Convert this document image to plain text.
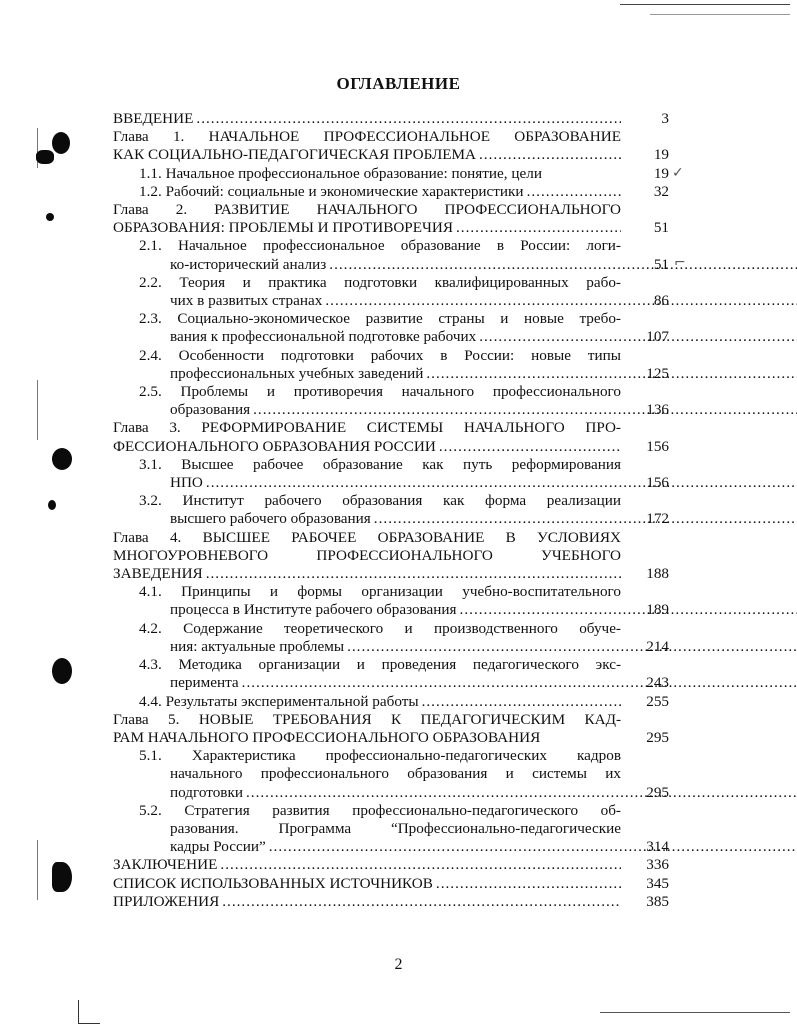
✓
⌐
ОГЛАВЛЕНИЕ
ВВЕДЕНИЕ .....	3
Глава 1. НАЧАЛЬНОЕ ПРОФЕССИОНАЛЬНОЕ ОБРАЗОВАНИЕ
КАК СОЦИАЛЬНО-ПЕДАГОГИЧЕСКАЯ ПРОБЛЕМА .....	19
1.1. Начальное профессиональное образование: понятие, цели	19
1.2. Рабочий: социальные и экономические характеристики .....	32
Глава 2. РАЗВИТИЕ НАЧАЛЬНОГО ПРОФЕССИОНАЛЬНОГО
ОБРАЗОВАНИЯ: ПРОБЛЕМЫ И ПРОТИВОРЕЧИЯ .....	51
2.1. Начальное профессиональное образование в России: логи-
ко-исторический анализ .....	51
2.2. Теория и практика подготовки квалифицированных рабо-
чих в развитых странах .....	86
2.3. Социально-экономическое развитие страны и новые требо-
вания к профессиональной подготовке рабочих .....	107
2.4. Особенности подготовки рабочих в России: новые типы
профессиональных учебных заведений .....	125
2.5. Проблемы и противоречия начального профессионального
образования .....	136
Глава 3. РЕФОРМИРОВАНИЕ СИСТЕМЫ НАЧАЛЬНОГО ПРО-
ФЕССИОНАЛЬНОГО ОБРАЗОВАНИЯ РОССИИ .....	156
3.1. Высшее рабочее образование как путь реформирования
НПО .....	156
3.2. Институт рабочего образования как форма реализации
высшего рабочего образования .....	172
Глава 4. ВЫСШЕЕ РАБОЧЕЕ ОБРАЗОВАНИЕ В УСЛОВИЯХ
МНОГОУРОВНЕВОГО ПРОФЕССИОНАЛЬНОГО УЧЕБНОГО
ЗАВЕДЕНИЯ .....	188
4.1. Принципы и формы организации учебно-воспитательного
процесса в Институте рабочего образования .....	189
4.2. Содержание теоретического и производственного обуче-
ния: актуальные проблемы .....	214
4.3. Методика организации и проведения педагогического экс-
перимента .....	243
4.4. Результаты экспериментальной работы .....	255
Глава 5. НОВЫЕ ТРЕБОВАНИЯ К ПЕДАГОГИЧЕСКИМ КАД-
РАМ НАЧАЛЬНОГО ПРОФЕССИОНАЛЬНОГО ОБРАЗОВАНИЯ	295
5.1. Характеристика профессионально-педагогических кадров
начального профессионального образования и системы их
подготовки .....	295
5.2. Стратегия развития профессионально-педагогического об-
разования. Программа “Профессионально-педагогические
кадры России” .....	314
ЗАКЛЮЧЕНИЕ .....	336
СПИСОК ИСПОЛЬЗОВАННЫХ ИСТОЧНИКОВ .....	345
ПРИЛОЖЕНИЯ .....	385
2
